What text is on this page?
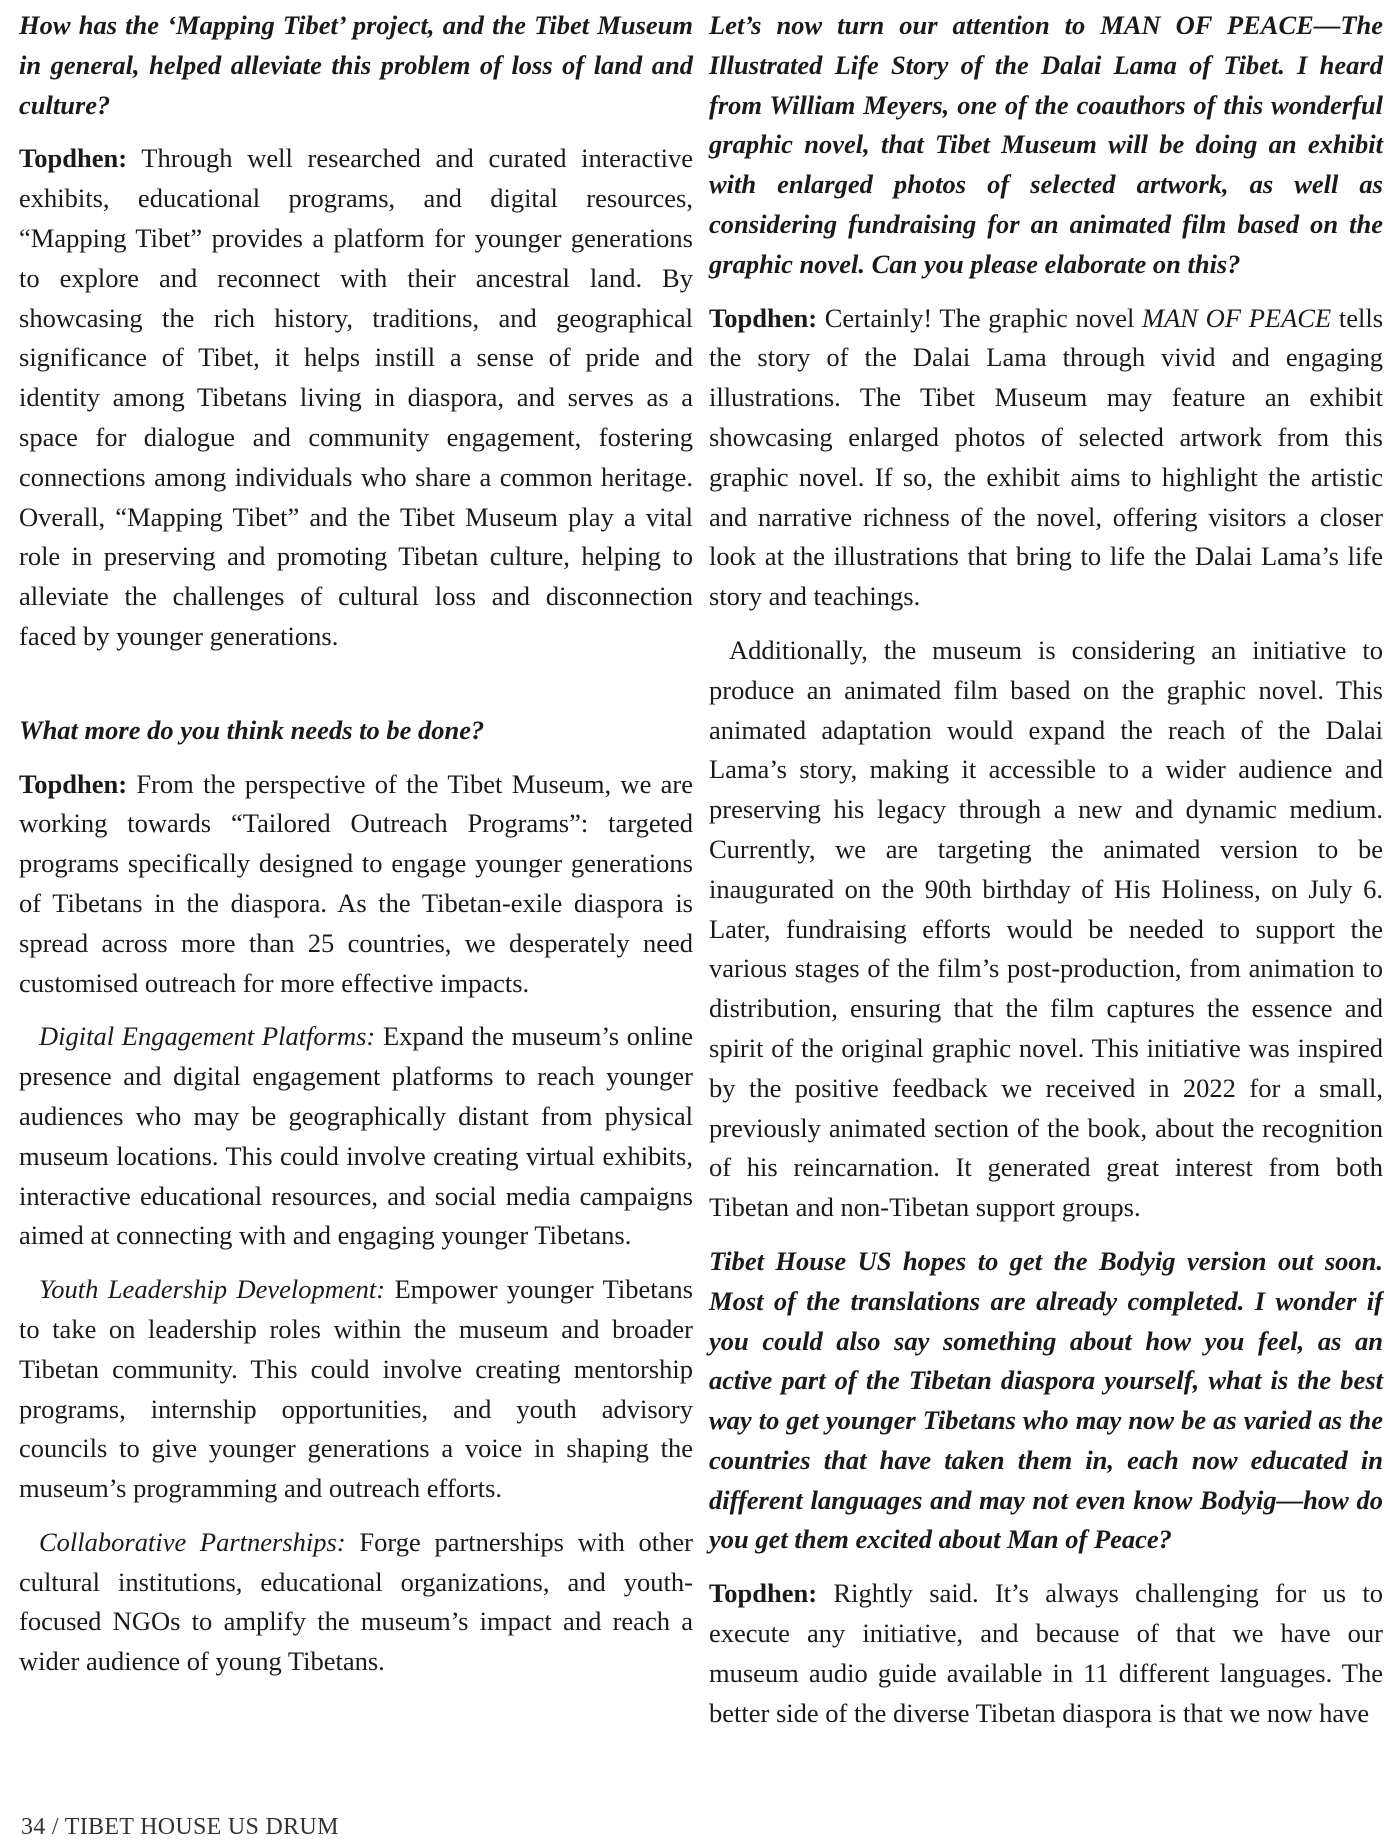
How has the ‘Mapping Tibet’ project, and the Tibet Museum in general, helped alleviate this problem of loss of land and culture?

Topdhen: Through well researched and curated interactive exhibits, educational programs, and digital resources, “Mapping Tibet” provides a platform for younger generations to explore and reconnect with their ancestral land. By showcasing the rich history, traditions, and geographical significance of Tibet, it helps instill a sense of pride and identity among Tibetans living in diaspora, and serves as a space for dialogue and community engagement, fostering connections among individuals who share a common heritage. Overall, “Mapping Tibet” and the Tibet Museum play a vital role in preserving and promoting Tibetan culture, helping to alleviate the challenges of cultural loss and disconnection faced by younger generations.

What more do you think needs to be done?

Topdhen: From the perspective of the Tibet Museum, we are working towards “Tailored Outreach Programs”: targeted programs specifically designed to engage younger generations of Tibetans in the diaspora. As the Tibetan-exile diaspora is spread across more than 25 countries, we desperately need customised outreach for more effective impacts.

Digital Engagement Platforms: Expand the museum’s online presence and digital engagement platforms to reach younger audiences who may be geographically distant from physical museum locations. This could involve creating virtual exhibits, interactive educational resources, and social media campaigns aimed at connecting with and engaging younger Tibetans.

Youth Leadership Development: Empower younger Tibetans to take on leadership roles within the museum and broader Tibetan community. This could involve creating mentorship programs, internship opportunities, and youth advisory councils to give younger generations a voice in shaping the museum’s programming and outreach efforts.

Collaborative Partnerships: Forge partnerships with other cultural institutions, educational organizations, and youth-focused NGOs to amplify the museum’s impact and reach a wider audience of young Tibetans.

Let’s now turn our attention to MAN OF PEACE—The Illustrated Life Story of the Dalai Lama of Tibet. I heard from William Meyers, one of the coauthors of this wonderful graphic novel, that Tibet Museum will be doing an exhibit with enlarged photos of selected artwork, as well as considering fundraising for an animated film based on the graphic novel. Can you please elaborate on this?

Topdhen: Certainly! The graphic novel MAN OF PEACE tells the story of the Dalai Lama through vivid and engaging illustrations. The Tibet Museum may feature an exhibit showcasing enlarged photos of selected artwork from this graphic novel. If so, the exhibit aims to highlight the artistic and narrative richness of the novel, offering visitors a closer look at the illustrations that bring to life the Dalai Lama’s life story and teachings.

Additionally, the museum is considering an initiative to produce an animated film based on the graphic novel. This animated adaptation would expand the reach of the Dalai Lama’s story, making it accessible to a wider audience and preserving his legacy through a new and dynamic medium. Currently, we are targeting the animated version to be inaugurated on the 90th birthday of His Holiness, on July 6. Later, fundraising efforts would be needed to support the various stages of the film’s post-production, from animation to distribution, ensuring that the film captures the essence and spirit of the original graphic novel. This initiative was inspired by the positive feedback we received in 2022 for a small, previously animated section of the book, about the recognition of his reincarnation. It generated great interest from both Tibetan and non-Tibetan support groups.

Tibet House US hopes to get the Bodyig version out soon. Most of the translations are already completed. I wonder if you could also say something about how you feel, as an active part of the Tibetan diaspora yourself, what is the best way to get younger Tibetans who may now be as varied as the countries that have taken them in, each now educated in different languages and may not even know Bodyig—how do you get them excited about Man of Peace?

Topdhen: Rightly said. It’s always challenging for us to execute any initiative, and because of that we have our museum audio guide available in 11 different languages. The better side of the diverse Tibetan diaspora is that we now have

34 / TIBET HOUSE US DRUM
